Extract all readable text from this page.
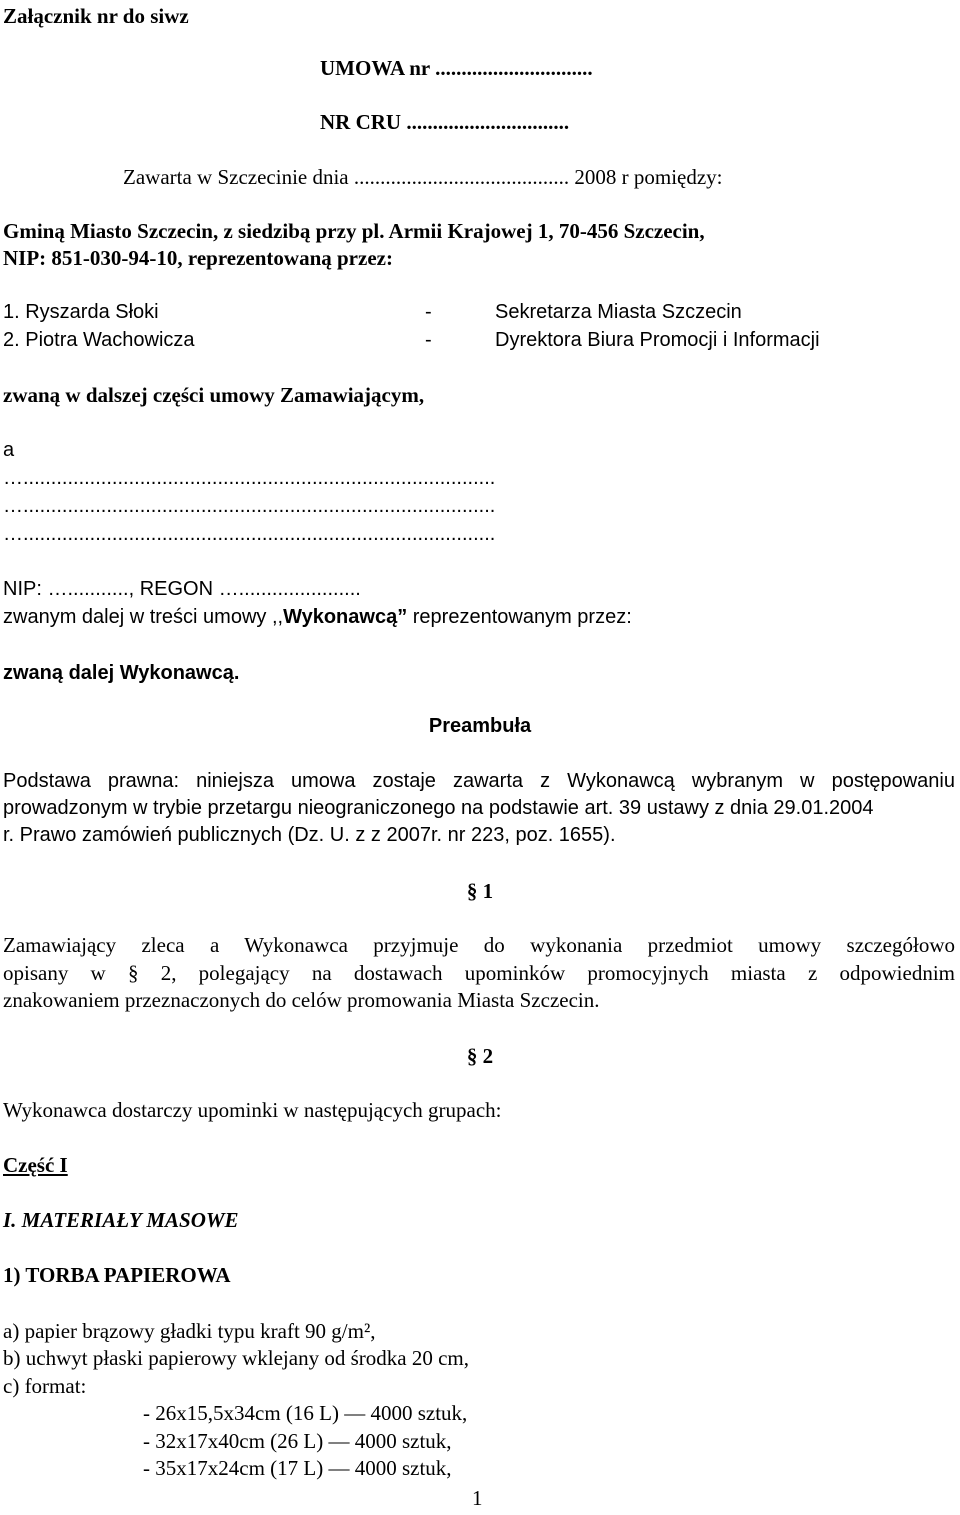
Załącznik nr do siwz
UMOWA nr ..............................
NR CRU ...............................
Zawarta w Szczecinie dnia ......................................... 2008 r pomiędzy:
Gminą Miasto Szczecin, z siedzibą przy pl. Armii Krajowej 1, 70-456 Szczecin,
NIP: 851-030-94-10, reprezentowaną przez:
1. Ryszarda Słoki	-	Sekretarza Miasta Szczecin
2. Piotra Wachowicza	-	Dyrektora Biura Promocji i Informacji
zwaną w dalszej części umowy Zamawiającym,
a
….....................................................................................
….....................................................................................
….....................................................................................
NIP: …..........., REGON …......................
zwanym dalej w treści umowy ,,Wykonawcą” reprezentowanym przez:
zwaną dalej Wykonawcą.
Preambuła
Podstawa prawna: niniejsza umowa zostaje zawarta z Wykonawcą wybranym w postępowaniu
prowadzonym w trybie przetargu nieograniczonego na podstawie art. 39 ustawy z dnia 29.01.2004
r. Prawo zamówień publicznych (Dz. U. z z 2007r. nr 223, poz. 1655).
§ 1
Zamawiający zleca a Wykonawca przyjmuje do wykonania przedmiot umowy szczegółowo
opisany w § 2, polegający na dostawach upominków promocyjnych miasta z odpowiednim
znakowaniem przeznaczonych do celów promowania Miasta Szczecin.
§ 2
Wykonawca dostarczy upominki w następujących grupach:
Część I
I. MATERIAŁY MASOWE
1) TORBA PAPIEROWA
a) papier brązowy gładki typu kraft 90 g/m²,
b) uchwyt płaski papierowy wklejany od środka 20 cm,
c) format:
- 26x15,5x34cm (16 L) — 4000 sztuk,
- 32x17x40cm (26 L) — 4000 sztuk,
- 35x17x24cm (17 L) — 4000 sztuk,
1
